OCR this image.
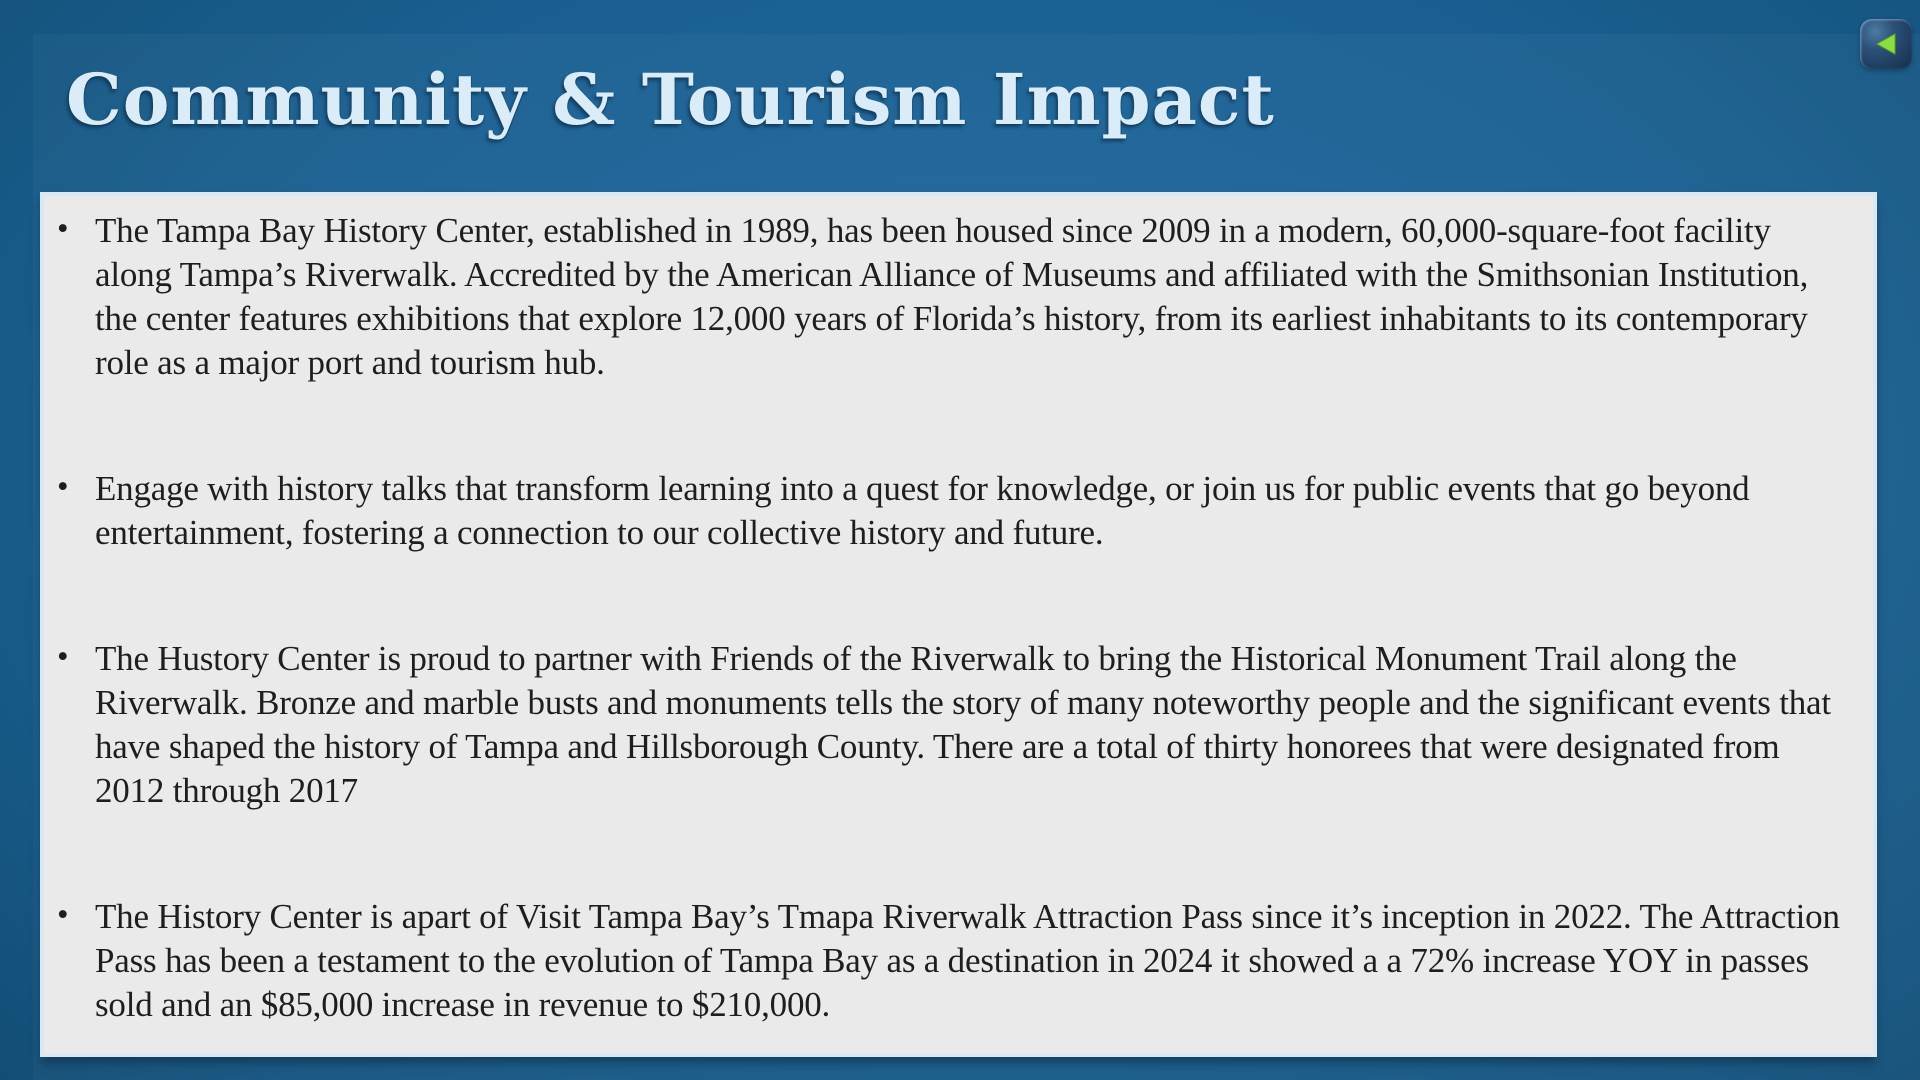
Community & Tourism Impact
• The Tampa Bay History Center, established in 1989, has been housed since 2009 in a modern, 60,000-square-foot facility along Tampa’s Riverwalk. Accredited by the American Alliance of Museums and affiliated with the Smithsonian Institution, the center features exhibitions that explore 12,000 years of Florida’s history, from its earliest inhabitants to its contemporary role as a major port and tourism hub.
• Engage with history talks that transform learning into a quest for knowledge, or join us for public events that go beyond entertainment, fostering a connection to our collective history and future.
• The Hustory Center is proud to partner with Friends of the Riverwalk to bring the Historical Monument Trail along the Riverwalk. Bronze and marble busts and monuments tells the story of many noteworthy people and the significant events that have shaped the history of Tampa and Hillsborough County. There are a total of thirty honorees that were designated from 2012 through 2017
• The History Center is apart of Visit Tampa Bay’s Tmapa Riverwalk Attraction Pass since it’s inception in 2022. The Attraction Pass has been a testament to the evolution of Tampa Bay as a destination in 2024 it showed a a 72% increase YOY in passes sold and an $85,000 increase in revenue to $210,000.
